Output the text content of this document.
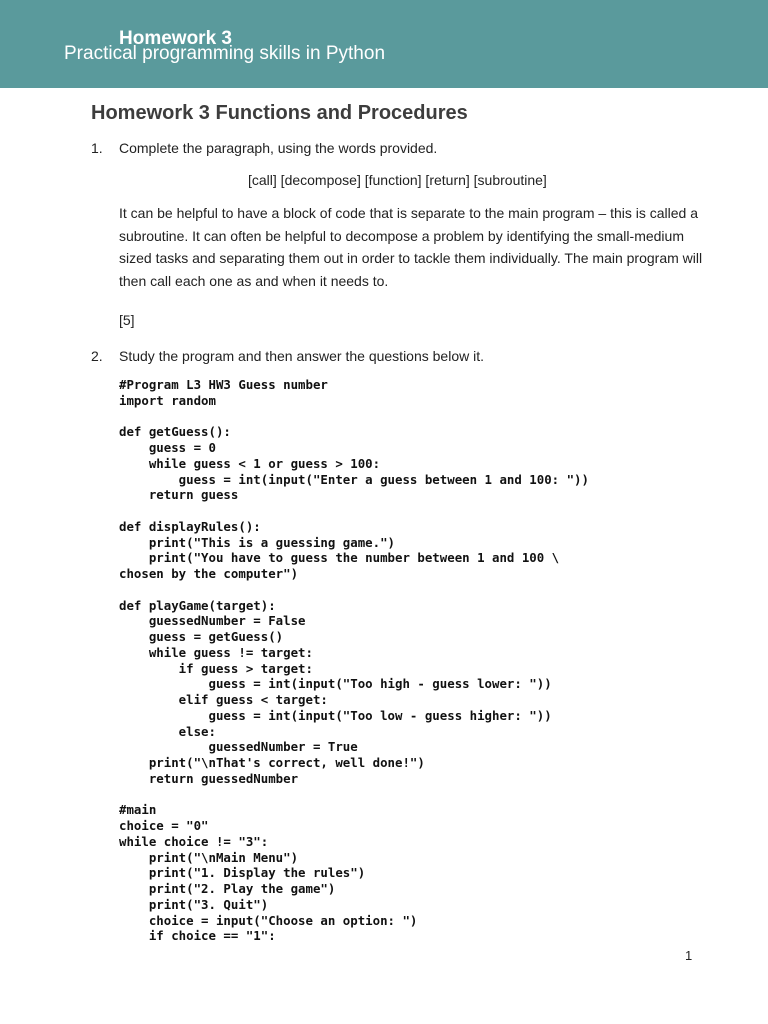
Homework 3
Practical programming skills in Python
Homework 3 Functions and Procedures
1. Complete the paragraph, using the words provided.
[call] [decompose] [function] [return] [subroutine]

It can be helpful to have a block of code that is separate to the main program – this is called a subroutine. It can often be helpful to decompose a problem by identifying the small-medium sized tasks and separating them out in order to tackle them individually. The main program will then call each one as and when it needs to.

[5]
2. Study the program and then answer the questions below it.
#Program L3 HW3 Guess number
import random

def getGuess():
guess = 0
while guess < 1 or guess > 100:
guess = int(input("Enter a guess between 1 and 100: "))
return guess

def displayRules():
print("This is a guessing game.")
print("You have to guess the number between 1 and 100 \
chosen by the computer")

def playGame(target):
guessedNumber = False
guess = getGuess()
while guess != target:
if guess > target:
guess = int(input("Too high - guess lower: "))
elif guess < target:
guess = int(input("Too low - guess higher: "))
else:
guessedNumber = True
print("\nThat's correct, well done!")
return guessedNumber

#main
choice = "0"
while choice != "3":
print("\nMain Menu")
print("1. Display the rules")
print("2. Play the game")
print("3. Quit")
choice = input("Choose an option: ")
if choice == "1":
1
